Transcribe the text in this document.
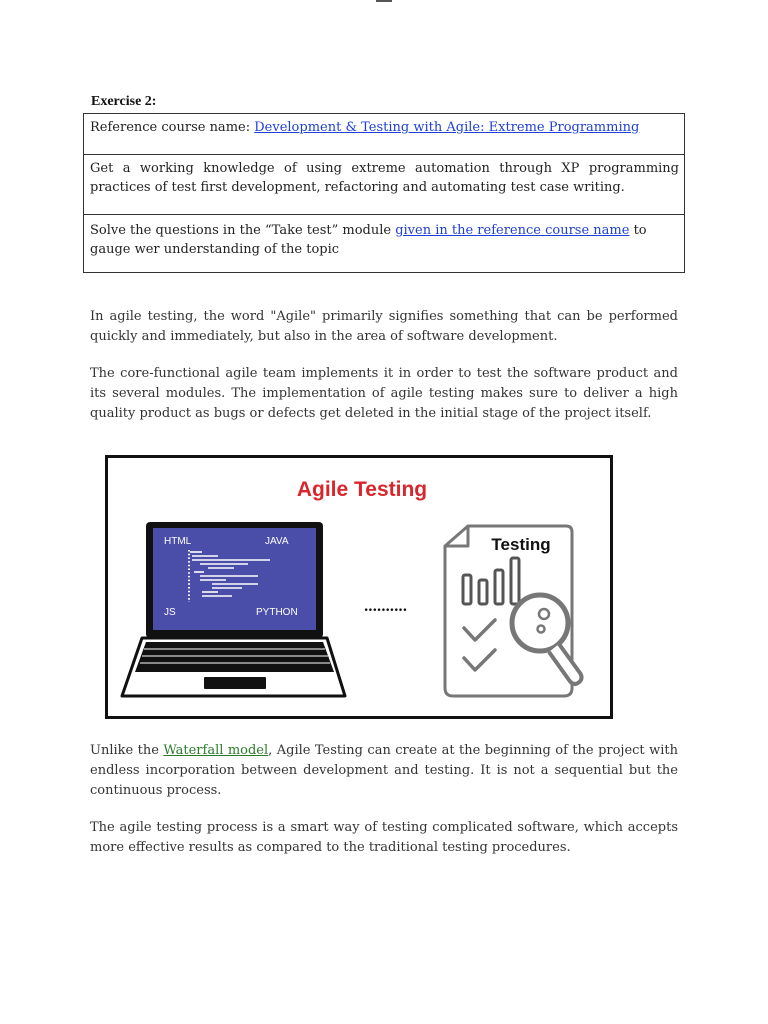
Exercise 2:
Reference course name: Development & Testing with Agile: Extreme Programming
Get a working knowledge of using extreme automation through XP programming practices of test first development, refactoring and automating test case writing.
Solve the questions in the “Take test” module given in the reference course name to gauge wer understanding of the topic

In agile testing, the word "Agile" primarily signifies something that can be performed quickly and immediately, but also in the area of software development.

The core-functional agile team implements it in order to test the software product and its several modules. The implementation of agile testing makes sure to deliver a high quality product as bugs or defects get deleted in the initial stage of the project itself.

Agile Testing
HTML	JAVA
JS	PYTHON	••••••••••
Testing

Unlike the Waterfall model, Agile Testing can create at the beginning of the project with endless incorporation between development and testing. It is not a sequential but the continuous process.

The agile testing process is a smart way of testing complicated software, which accepts more effective results as compared to the traditional testing procedures.
